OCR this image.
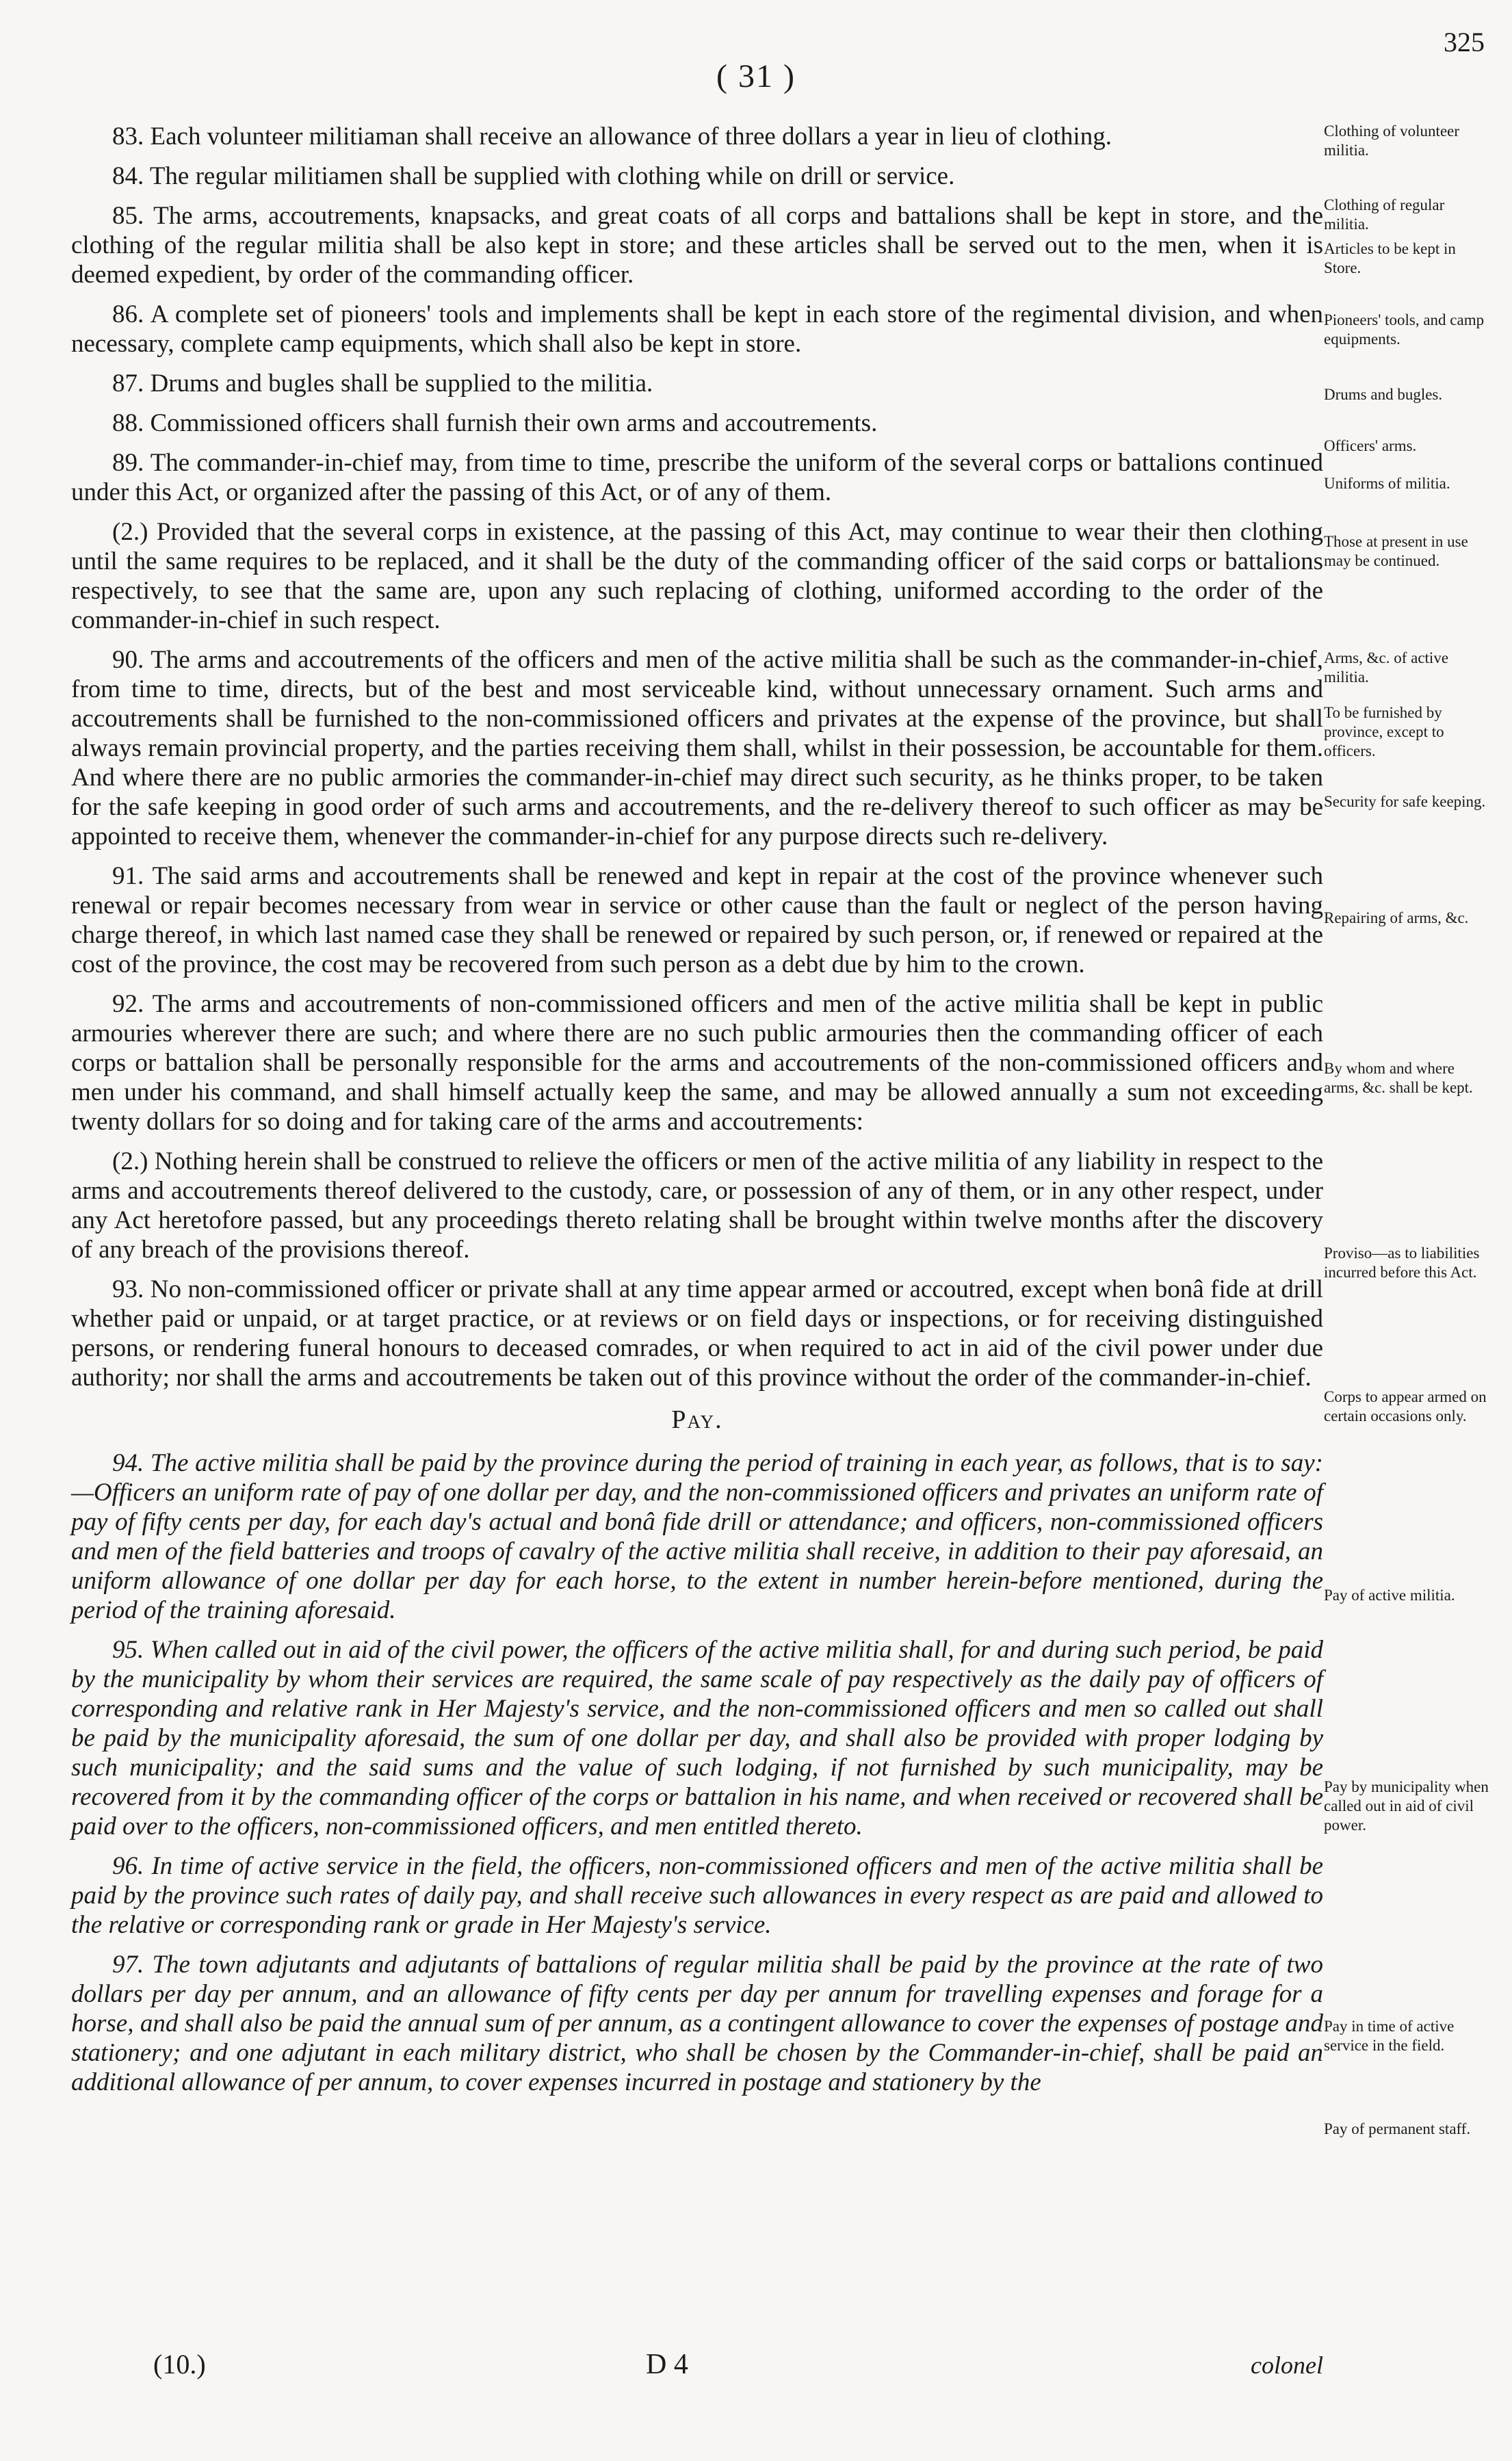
( 31 )
325

83. Each volunteer militiaman shall receive an allowance of three dollars a year in lieu of clothing.

84. The regular militiamen shall be supplied with clothing while on drill or service.

85. The arms, accoutrements, knapsacks, and great coats of all corps and battalions shall be kept in store, and the clothing of the regular militia shall be also kept in store; and these articles shall be served out to the men, when it is deemed expedient, by order of the commanding officer.

86. A complete set of pioneers' tools and implements shall be kept in each store of the regimental division, and when necessary, complete camp equipments, which shall also be kept in store.

87. Drums and bugles shall be supplied to the militia.

88. Commissioned officers shall furnish their own arms and accoutrements.

89. The commander-in-chief may, from time to time, prescribe the uniform of the several corps or battalions continued under this Act, or organized after the passing of this Act, or of any of them.

(2.) Provided that the several corps in existence, at the passing of this Act, may continue to wear their then clothing until the same requires to be replaced, and it shall be the duty of the commanding officer of the said corps or battalions respectively, to see that the same are, upon any such replacing of clothing, uniformed according to the order of the commander-in-chief in such respect.

90. The arms and accoutrements of the officers and men of the active militia shall be such as the commander-in-chief, from time to time, directs, but of the best and most serviceable kind, without unnecessary ornament. Such arms and accoutrements shall be furnished to the non-commissioned officers and privates at the expense of the province, but shall always remain provincial property, and the parties receiving them shall, whilst in their possession, be accountable for them. And where there are no public armories the commander-in-chief may direct such security, as he thinks proper, to be taken for the safe keeping in good order of such arms and accoutrements, and the re-delivery thereof to such officer as may be appointed to receive them, whenever the commander-in-chief for any purpose directs such re-delivery.

91. The said arms and accoutrements shall be renewed and kept in repair at the cost of the province whenever such renewal or repair becomes necessary from wear in service or other cause than the fault or neglect of the person having charge thereof, in which last named case they shall be renewed or repaired by such person, or, if renewed or repaired at the cost of the province, the cost may be recovered from such person as a debt due by him to the crown.

92. The arms and accoutrements of non-commissioned officers and men of the active militia shall be kept in public armouries wherever there are such; and where there are no such public armouries then the commanding officer of each corps or battalion shall be personally responsible for the arms and accoutrements of the non-commissioned officers and men under his command, and shall himself actually keep the same, and may be allowed annually a sum not exceeding twenty dollars for so doing and for taking care of the arms and accoutrements:

(2.) Nothing herein shall be construed to relieve the officers or men of the active militia of any liability in respect to the arms and accoutrements thereof delivered to the custody, care, or possession of any of them, or in any other respect, under any Act heretofore passed, but any proceedings thereto relating shall be brought within twelve months after the discovery of any breach of the provisions thereof.

93. No non-commissioned officer or private shall at any time appear armed or accoutred, except when bonâ fide at drill whether paid or unpaid, or at target practice, or at reviews or on field days or inspections, or for receiving distinguished persons, or rendering funeral honours to deceased comrades, or when required to act in aid of the civil power under due authority; nor shall the arms and accoutrements be taken out of this province without the order of the commander-in-chief.

Pay.

94. The active militia shall be paid by the province during the period of training in each year, as follows, that is to say:—Officers an uniform rate of pay of one dollar per day, and the non-commissioned officers and privates an uniform rate of pay of fifty cents per day, for each day's actual and bonâ fide drill or attendance; and officers, non-commissioned officers and men of the field batteries and troops of cavalry of the active militia shall receive, in addition to their pay aforesaid, an uniform allowance of one dollar per day for each horse, to the extent in number herein-before mentioned, during the period of the training aforesaid.

95. When called out in aid of the civil power, the officers of the active militia shall, for and during such period, be paid by the municipality by whom their services are required, the same scale of pay respectively as the daily pay of officers of corresponding and relative rank in Her Majesty's service, and the non-commissioned officers and men so called out shall be paid by the municipality aforesaid, the sum of one dollar per day, and shall also be provided with proper lodging by such municipality; and the said sums and the value of such lodging, if not furnished by such municipality, may be recovered from it by the commanding officer of the corps or battalion in his name, and when received or recovered shall be paid over to the officers, non-commissioned officers, and men entitled thereto.

96. In time of active service in the field, the officers, non-commissioned officers and men of the active militia shall be paid by the province such rates of daily pay, and shall receive such allowances in every respect as are paid and allowed to the relative or corresponding rank or grade in Her Majesty's service.

97. The town adjutants and adjutants of battalions of regular militia shall be paid by the province at the rate of two dollars per day per annum, and an allowance of fifty cents per day per annum for travelling expenses and forage for a horse, and shall also be paid the annual sum of per annum, as a contingent allowance to cover the expenses of postage and stationery; and one adjutant in each military district, who shall be chosen by the Commander-in-chief, shall be paid an additional allowance of per annum, to cover expenses incurred in postage and stationery by the

Clothing of volunteer militia.
Clothing of regular militia.
Articles to be kept in Store.
Pioneers' tools, and camp equipments.
Drums and bugles.
Officers' arms.
Uniforms of militia.
Those at present in use may be continued.
Arms, &c. of active militia.
To be furnished by province, except to officers.
Security for safe keeping.
Repairing of arms, &c.
By whom and where arms, &c. shall be kept.
Proviso—as to liabilities incurred before this Act.
Corps to appear armed on certain occasions only.
Pay of active militia.
Pay by municipality when called out in aid of civil power.
Pay in time of active service in the field.
Pay of permanent staff.
(10.)	D 4	colonel
